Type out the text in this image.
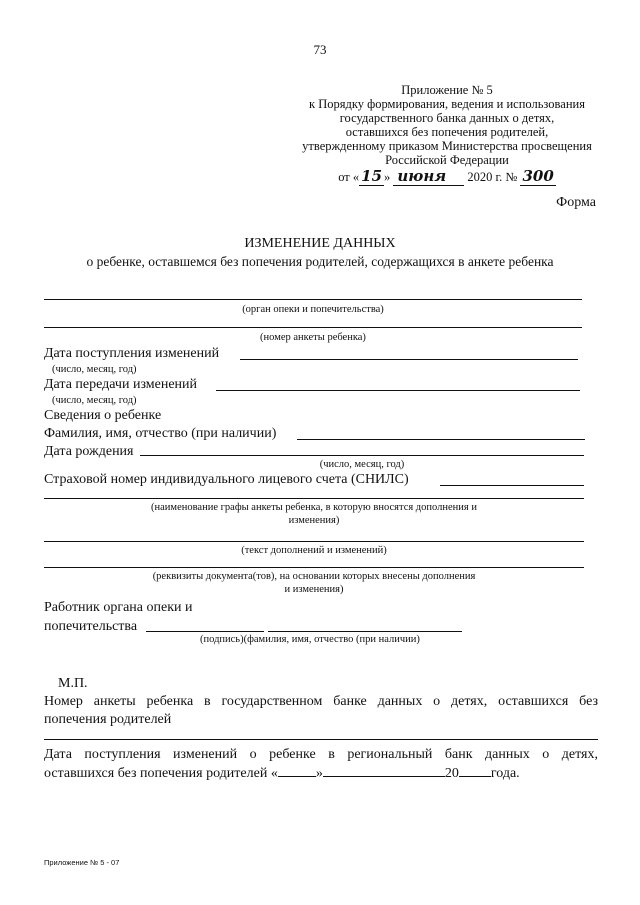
73
Приложение № 5
к Порядку формирования, ведения и использования
государственного банка данных о детях,
оставшихся без попечения родителей,
утвержденному приказом Министерства просвещения
Российской Федерации
от « 15 » июня 2020 г. № 300
Форма
ИЗМЕНЕНИЕ ДАННЫХ
о ребенке, оставшемся без попечения родителей, содержащихся в анкете ребенка
(орган опеки и попечительства)
(номер анкеты ребенка)
Дата поступления изменений
(число, месяц, год)
Дата передачи изменений
(число, месяц, год)
Сведения о ребенке
Фамилия, имя, отчество (при наличии)
Дата рождения
(число, месяц, год)
Страховой номер индивидуального лицевого счета (СНИЛС)
(наименование графы анкеты ребенка, в которую вносятся дополнения и
изменения)
(текст дополнений и изменений)
(реквизиты документа(тов), на основании которых внесены дополнения
и изменения)
Работник органа опеки и
попечительства
(подпись)(фамилия, имя, отчество (при наличии)
М.П.
Номер анкеты ребенка в государственном банке данных о детях, оставшихся без
попечения родителей
Дата поступления изменений о ребенке в региональный банк данных о детях,
оставшихся без попечения родителей «	»	20 года.
Приложение № 5 - 07
